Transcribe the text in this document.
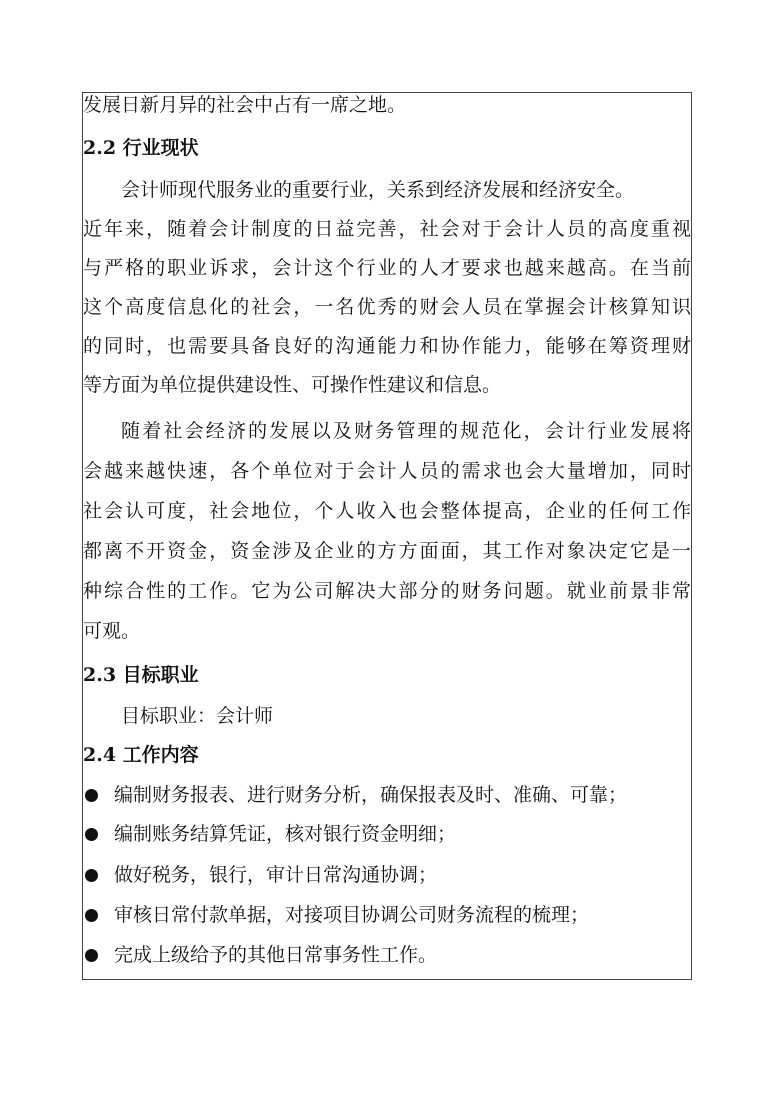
发展日新月异的社会中占有一席之地。
2.2 行业现状
会计师现代服务业的重要行业，关系到经济发展和经济安全。
近年来，随着会计制度的日益完善，社会对于会计人员的高度重视
与严格的职业诉求，会计这个行业的人才要求也越来越高。在当前
这个高度信息化的社会，一名优秀的财会人员在掌握会计核算知识
的同时，也需要具备良好的沟通能力和协作能力，能够在筹资理财
等方面为单位提供建设性、可操作性建议和信息。
随着社会经济的发展以及财务管理的规范化，会计行业发展将
会越来越快速，各个单位对于会计人员的需求也会大量增加，同时
社会认可度，社会地位，个人收入也会整体提高，企业的任何工作
都离不开资金，资金涉及企业的方方面面，其工作对象决定它是一
种综合性的工作。它为公司解决大部分的财务问题。就业前景非常
可观。
2.3 目标职业
目标职业：会计师
2.4 工作内容
编制财务报表、进行财务分析，确保报表及时、准确、可靠；
编制账务结算凭证，核对银行资金明细；
做好税务，银行，审计日常沟通协调；
审核日常付款单据，对接项目协调公司财务流程的梳理；
完成上级给予的其他日常事务性工作。
